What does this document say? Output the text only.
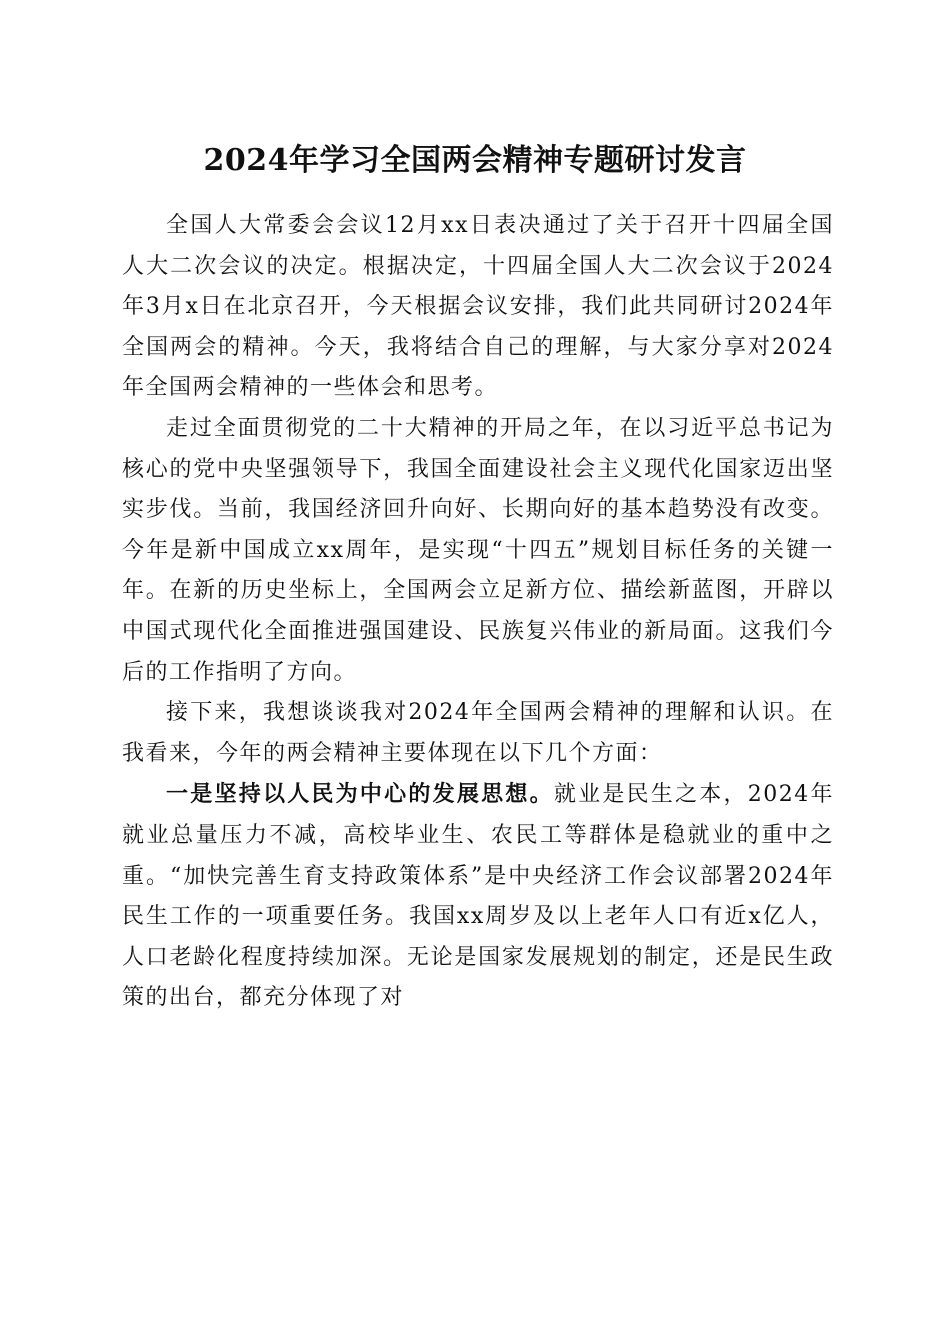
2024年学习全国两会精神专题研讨发言

全国人大常委会会议12月xx日表决通过了关于召开十四届全国人大二次会议的决定。根据决定，十四届全国人大二次会议于2024年3月x日在北京召开，今天根据会议安排，我们此共同研讨2024年全国两会的精神。今天，我将结合自己的理解，与大家分享对2024年全国两会精神的一些体会和思考。

走过全面贯彻党的二十大精神的开局之年，在以习近平总书记为核心的党中央坚强领导下，我国全面建设社会主义现代化国家迈出坚实步伐。当前，我国经济回升向好、长期向好的基本趋势没有改变。今年是新中国成立xx周年，是实现“十四五”规划目标任务的关键一年。在新的历史坐标上，全国两会立足新方位、描绘新蓝图，开辟以中国式现代化全面推进强国建设、民族复兴伟业的新局面。这我们今后的工作指明了方向。

接下来，我想谈谈我对2024年全国两会精神的理解和认识。在我看来，今年的两会精神主要体现在以下几个方面：

一是坚持以人民为中心的发展思想。就业是民生之本，2024年就业总量压力不减，高校毕业生、农民工等群体是稳就业的重中之重。“加快完善生育支持政策体系”是中央经济工作会议部署2024年民生工作的一项重要任务。我国xx周岁及以上老年人口有近x亿人，人口老龄化程度持续加深。无论是国家发展规划的制定，还是民生政策的出台，都充分体现了对
